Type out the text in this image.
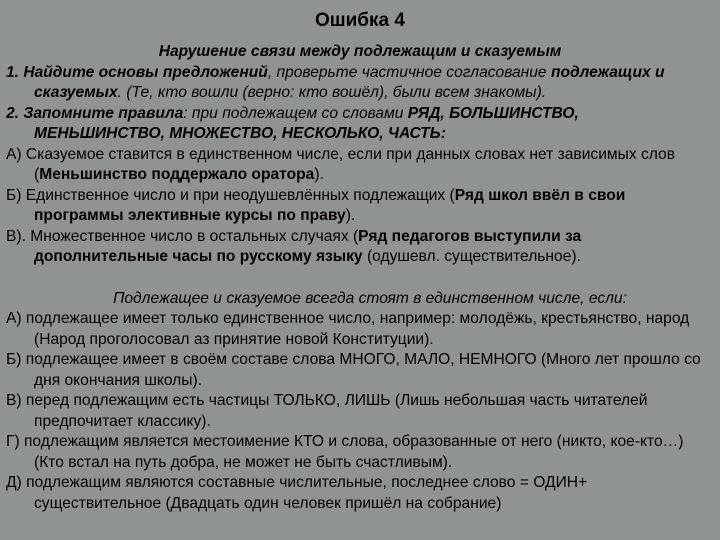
Ошибка 4
Нарушение связи между подлежащим и сказуемым
1. Найдите основы предложений, проверьте частичное согласование подлежащих и сказуемых. (Те, кто вошли (верно: кто вошёл), были всем знакомы).
2. Запомните правила: при подлежащем со словами РЯД, БОЛЬШИНСТВО, МЕНЬШИНСТВО, МНОЖЕСТВО, НЕСКОЛЬКО, ЧАСТЬ:
А) Сказуемое ставится в единственном числе, если при данных словах нет зависимых слов (Меньшинство поддержало оратора).
Б) Единственное число и при неодушевлённых подлежащих (Ряд школ ввёл в свои программы элективные курсы по праву).
В). Множественное число в остальных случаях (Ряд педагогов выступили за дополнительные часы по русскому языку (одушевл. существительное).
Подлежащее и сказуемое всегда стоят в единственном числе, если:
А) подлежащее имеет только единственное число, например: молодёжь, крестьянство, народ (Народ проголосовал аз принятие новой Конституции).
Б) подлежащее имеет в своём составе слова МНОГО, МАЛО, НЕМНОГО (Много лет прошло со дня окончания школы).
В) перед подлежащим есть частицы ТОЛЬКО, ЛИШЬ (Лишь небольшая часть читателей предпочитает классику).
Г) подлежащим является местоимение КТО и слова, образованные от него (никто, кое-кто…) (Кто встал на путь добра, не может не быть счастливым).
Д) подлежащим являются составные числительные, последнее слово = ОДИН+ существительное (Двадцать один человек пришёл на собрание)
